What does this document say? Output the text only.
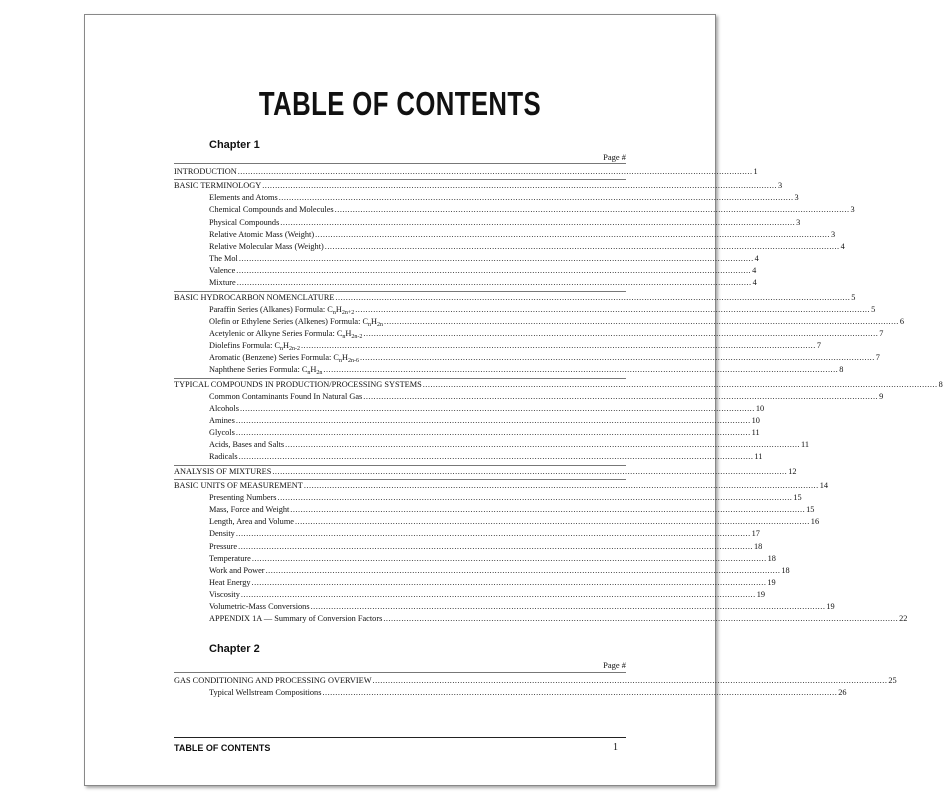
TABLE OF CONTENTS
Chapter 1
Page #
Chapter 2
Page #
INTRODUCTION ........................................................................................................................................................................................................ 1
BASIC TERMINOLOGY ........................................................................................................................................................................................................ 3
Elements and Atoms ........................................................................................................................................................................................................ 3
Chemical Compounds and Molecules ........................................................................................................................................................................................................ 3
Physical Compounds ........................................................................................................................................................................................................ 3
Relative Atomic Mass (Weight) ........................................................................................................................................................................................................ 3
Relative Molecular Mass (Weight) ........................................................................................................................................................................................................ 4
The Mol ........................................................................................................................................................................................................ 4
Valence ........................................................................................................................................................................................................ 4
Mixture ........................................................................................................................................................................................................ 4
BASIC HYDROCARBON NOMENCLATURE ........................................................................................................................................................................................................ 5
Paraffin Series (Alkanes) Formula: $C_nH_{2n+2}$ ........................................................................................................................................................................................................ 5
Olefin or Ethylene Series (Alkenes) Formula: $C_nH_{2n}$ ........................................................................................................................................................................................................ 6
Acetylenic or Alkyne Series Formula: $C_nH_{2n-2}$ ........................................................................................................................................................................................................ 7
Diolefins Formula: $C_nH_{2n-2}$ ........................................................................................................................................................................................................ 7
Aromatic (Benzene) Series Formula: $C_nH_{2n-6}$ ........................................................................................................................................................................................................ 7
Naphthene Series Formula: $C_nH_{2n}$ ........................................................................................................................................................................................................ 8
TYPICAL COMPOUNDS IN PRODUCTION/PROCESSING SYSTEMS ........................................................................................................................................................................................................ 8
Common Contaminants Found In Natural Gas ........................................................................................................................................................................................................ 9
Alcohols ........................................................................................................................................................................................................ 10
Amines ........................................................................................................................................................................................................ 10
Glycols ........................................................................................................................................................................................................ 11
Acids, Bases and Salts ........................................................................................................................................................................................................ 11
Radicals ........................................................................................................................................................................................................ 11
ANALYSIS OF MIXTURES ........................................................................................................................................................................................................ 12
BASIC UNITS OF MEASUREMENT ........................................................................................................................................................................................................ 14
Presenting Numbers ........................................................................................................................................................................................................ 15
Mass, Force and Weight ........................................................................................................................................................................................................ 15
Length, Area and Volume ........................................................................................................................................................................................................ 16
Density ........................................................................................................................................................................................................ 17
Pressure ........................................................................................................................................................................................................ 18
Temperature ........................................................................................................................................................................................................ 18
Work and Power ........................................................................................................................................................................................................ 18
Heat Energy ........................................................................................................................................................................................................ 19
Viscosity ........................................................................................................................................................................................................ 19
Volumetric-Mass Conversions ........................................................................................................................................................................................................ 19
APPENDIX 1A — Summary of Conversion Factors ........................................................................................................................................................................................................ 22
GAS CONDITIONING AND PROCESSING OVERVIEW ........................................................................................................................................................................................................ 25
Typical Wellstream Compositions ........................................................................................................................................................................................................ 26
TABLE OF CONTENTS	1
